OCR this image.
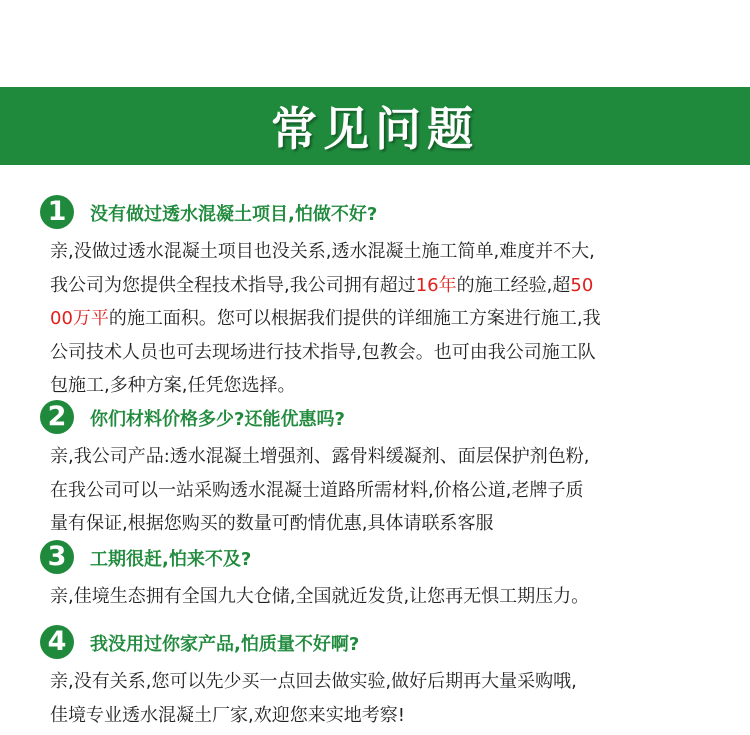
常见问题
1	没有做过透水混凝土项目,怕做不好?
亲,没做过透水混凝土项目也没关系,透水混凝土施工简单,难度并不大,
我公司为您提供全程技术指导,我公司拥有超过16年的施工经验,超50
00万平的施工面积。您可以根据我们提供的详细施工方案进行施工,我
公司技术人员也可去现场进行技术指导,包教会。也可由我公司施工队
包施工,多种方案,任凭您选择。
2	你们材料价格多少?还能优惠吗?
亲,我公司产品:透水混凝土增强剂、露骨料缓凝剂、面层保护剂色粉,
在我公司可以一站采购透水混凝士道路所需材料,价格公道,老牌子质
量有保证,根据您购买的数量可酌情优惠,具体请联系客服
3	工期很赶,怕来不及?
亲,佳境生态拥有全国九大仓储,全国就近发货,让您再无惧工期压力。
4	我没用过你家产品,怕质量不好啊?
亲,没有关系,您可以先少买一点回去做实验,做好后期再大量采购哦,
佳境专业透水混凝土厂家,欢迎您来实地考察!
